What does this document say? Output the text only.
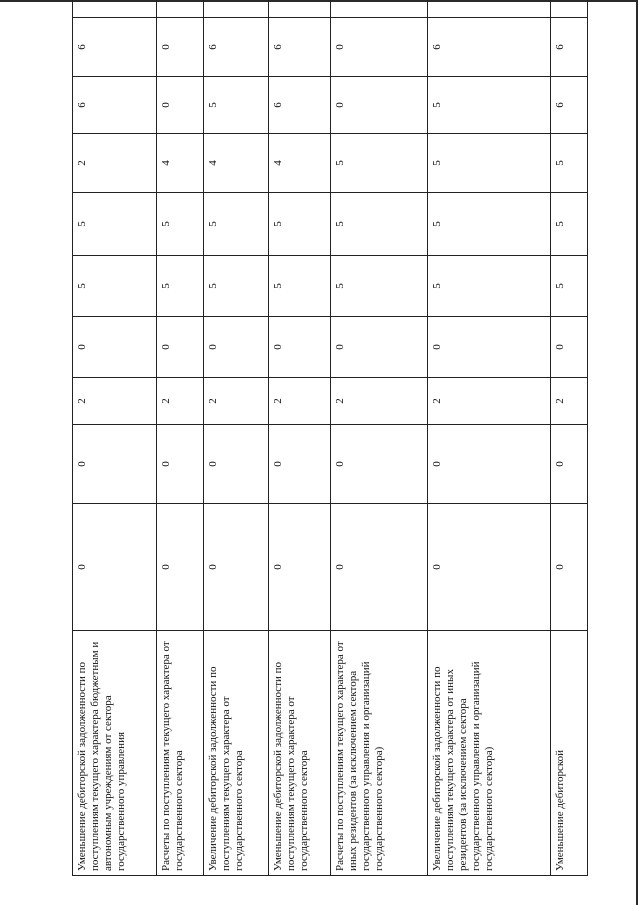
Уменьшение дебиторской задолженности по поступлениям текущего характера бюджетным и автономным учреждениям от сектора государственного управления	0	0	2	0	5	5	2	6	6	
Расчеты по поступлениям текущего характера от государственного сектора	0	0	2	0	5	5	4	0	0	
Увеличение дебиторской задолженности по поступлениям текущего характера от государственного сектора	0	0	2	0	5	5	4	5	6	
Уменьшение дебиторской задолженности по поступлениям текущего характера от государственного сектора	0	0	2	0	5	5	4	6	6	
Расчеты по поступлениям текущего характера от иных резидентов (за исключением сектора государственного управления и организаций государственного сектора)	0	0	2	0	5	5	5	0	0	
Увеличение дебиторской задолженности по поступлениям текущего характера от иных резидентов (за исключением сектора государственного управления и организаций государственного сектора)	0	0	2	0	5	5	5	5	6	
Уменьшение дебиторской	0	0	2	0	5	5	5	6	6	
